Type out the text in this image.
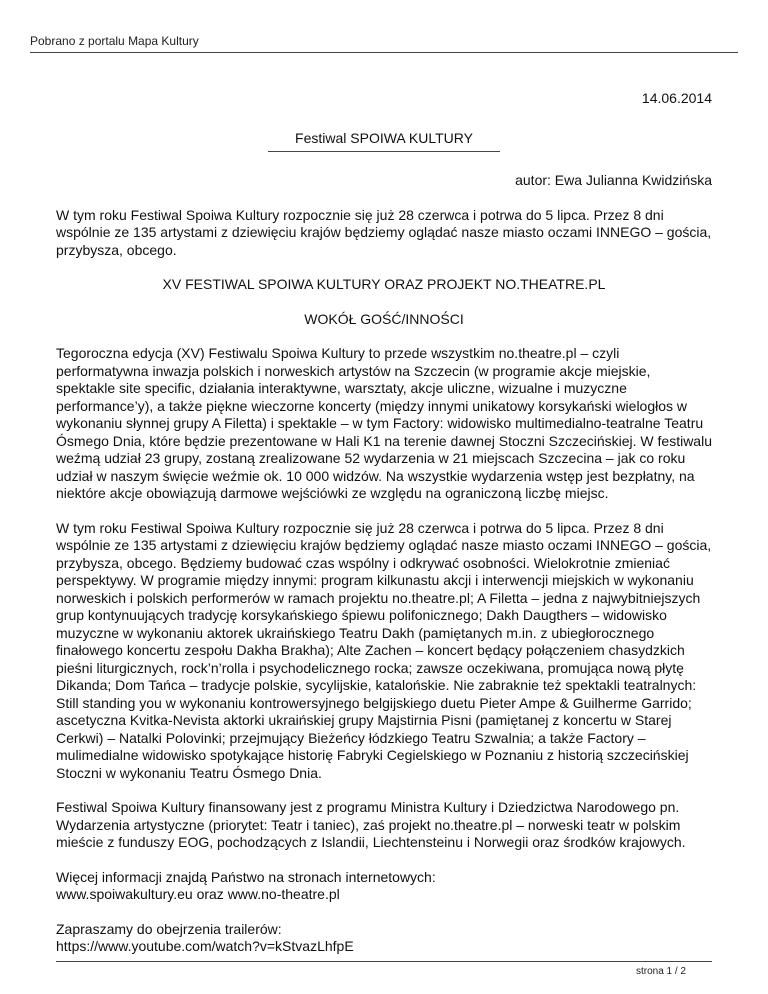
Pobrano z portalu Mapa Kultury

14.06.2014

Festiwal SPOIWA KULTURY

autor: Ewa Julianna Kwidzińska

W tym roku Festiwal Spoiwa Kultury rozpocznie się już 28 czerwca i potrwa do 5 lipca. Przez 8 dni wspólnie ze 135 artystami z dziewięciu krajów będziemy oglądać nasze miasto oczami INNEGO – gościa, przybysza, obcego.

XV FESTIWAL SPOIWA KULTURY ORAZ PROJEKT NO.THEATRE.PL

WOKÓŁ GOŚĆ/INNOŚCI

Tegoroczna edycja (XV) Festiwalu Spoiwa Kultury to przede wszystkim no.theatre.pl – czyli performatywna inwazja polskich i norweskich artystów na Szczecin (w programie akcje miejskie, spektakle site specific, działania interaktywne, warsztaty, akcje uliczne, wizualne i muzyczne performance’y), a także piękne wieczorne koncerty (między innymi unikatowy korsykański wielogłos w wykonaniu słynnej grupy A Filetta) i spektakle – w tym Factory: widowisko multimedialno-teatralne Teatru Ósmego Dnia, które będzie prezentowane w Hali K1 na terenie dawnej Stoczni Szczecińskiej. W festiwalu weźmą udział 23 grupy, zostaną zrealizowane 52 wydarzenia w 21 miejscach Szczecina – jak co roku udział w naszym święcie weźmie ok. 10 000 widzów. Na wszystkie wydarzenia wstęp jest bezpłatny, na niektóre akcje obowiązują darmowe wejściówki ze względu na ograniczoną liczbę miejsc.

W tym roku Festiwal Spoiwa Kultury rozpocznie się już 28 czerwca i potrwa do 5 lipca. Przez 8 dni wspólnie ze 135 artystami z dziewięciu krajów będziemy oglądać nasze miasto oczami INNEGO – gościa, przybysza, obcego. Będziemy budować czas wspólny i odkrywać osobności. Wielokrotnie zmieniać perspektywy. W programie między innymi: program kilkunastu akcji i interwencji miejskich w wykonaniu norweskich i polskich performerów w ramach projektu no.theatre.pl; A Filetta – jedna z najwybitniejszych grup kontynuujących tradycję korsykańskiego śpiewu polifonicznego; Dakh Daugthers – widowisko muzyczne w wykonaniu aktorek ukraińskiego Teatru Dakh (pamiętanych m.in. z ubiegłorocznego finałowego koncertu zespołu Dakha Brakha); Alte Zachen – koncert będący połączeniem chasydzkich pieśni liturgicznych, rock’n’rolla i psychodelicznego rocka; zawsze oczekiwana, promująca nową płytę Dikanda; Dom Tańca – tradycje polskie, sycylijskie, katalońskie. Nie zabraknie też spektakli teatralnych: Still standing you w wykonaniu kontrowersyjnego belgijskiego duetu Pieter Ampe & Guilherme Garrido; ascetyczna Kvitka-Nevista aktorki ukraińskiej grupy Majstirnia Pisni (pamiętanej z koncertu w Starej Cerkwi) – Natalki Polovinki; przejmujący Bieżeńcy łódzkiego Teatru Szwalnia; a także Factory – mulimedialne widowisko spotykające historię Fabryki Cegielskiego w Poznaniu z historią szczecińskiej Stoczni w wykonaniu Teatru Ósmego Dnia.

Festiwal Spoiwa Kultury finansowany jest z programu Ministra Kultury i Dziedzictwa Narodowego pn. Wydarzenia artystyczne (priorytet: Teatr i taniec), zaś projekt no.theatre.pl – norweski teatr w polskim mieście z funduszy EOG, pochodzących z Islandii, Liechtensteinu i Norwegii oraz środków krajowych.

Więcej informacji znajdą Państwo na stronach internetowych:
www.spoiwakultury.eu oraz www.no-theatre.pl

Zapraszamy do obejrzenia trailerów:
https://www.youtube.com/watch?v=kStvazLhfpE

strona 1 / 2
